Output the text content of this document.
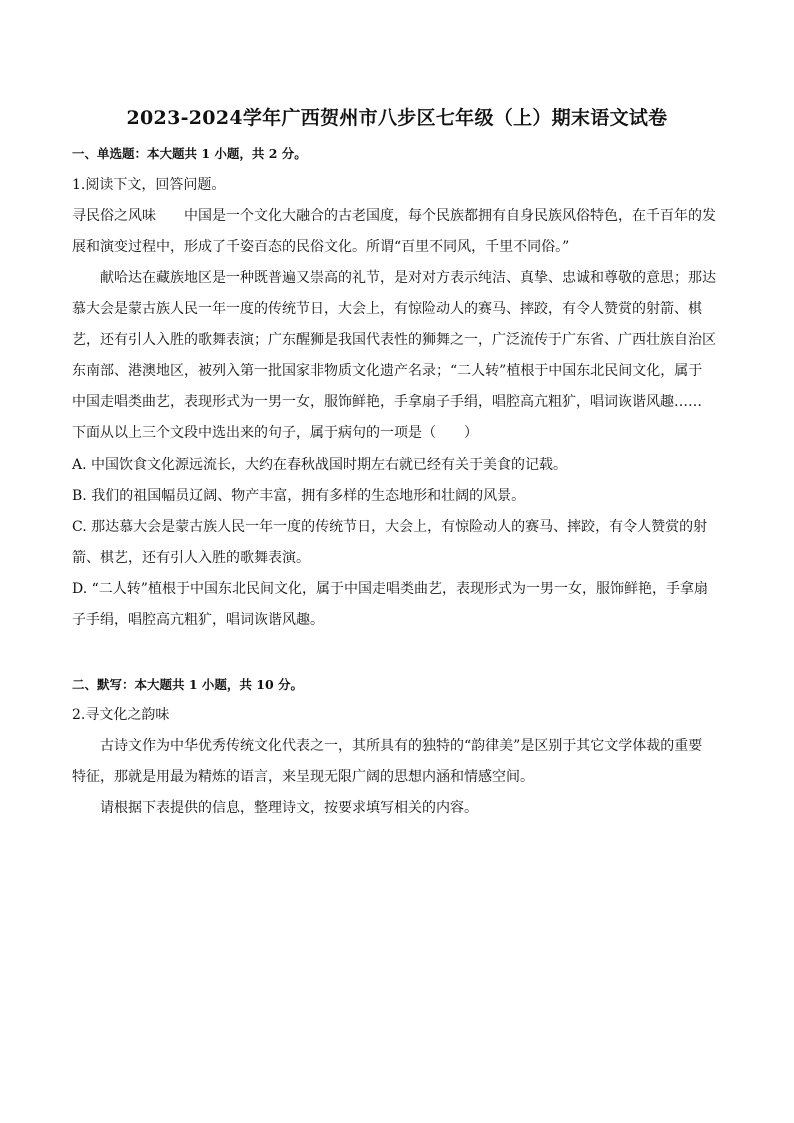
2023-2024学年广西贺州市八步区七年级（上）期末语文试卷
一、单选题：本大题共 1 小题，共 2 分。
1.阅读下文，回答问题。
寻民俗之风味　　中国是一个文化大融合的古老国度，每个民族都拥有自身民族风俗特色，在千百年的发
展和演变过程中，形成了千姿百态的民俗文化。所谓“百里不同风，千里不同俗。”
献哈达在藏族地区是一种既普遍又崇高的礼节，是对对方表示纯洁、真挚、忠诚和尊敬的意思；那达
慕大会是蒙古族人民一年一度的传统节日，大会上，有惊险动人的赛马、摔跤，有令人赞赏的射箭、棋
艺，还有引人入胜的歌舞表演；广东醒狮是我国代表性的狮舞之一，广泛流传于广东省、广西壮族自治区
东南部、港澳地区，被列入第一批国家非物质文化遗产名录；“二人转”植根于中国东北民间文化，属于
中国走唱类曲艺，表现形式为一男一女，服饰鲜艳，手拿扇子手绢，唱腔高亢粗犷，唱词诙谐风趣……
下面从以上三个文段中选出来的句子，属于病句的一项是（　　）
A. 中国饮食文化源远流长，大约在春秋战国时期左右就已经有关于美食的记载。
B. 我们的祖国幅员辽阔、物产丰富，拥有多样的生态地形和壮阔的风景。
C. 那达慕大会是蒙古族人民一年一度的传统节日，大会上，有惊险动人的赛马、摔跤，有令人赞赏的射
箭、棋艺，还有引人入胜的歌舞表演。
D. “二人转”植根于中国东北民间文化，属于中国走唱类曲艺，表现形式为一男一女，服饰鲜艳，手拿扇
子手绢，唱腔高亢粗犷，唱词诙谐风趣。
二、默写：本大题共 1 小题，共 10 分。
2.寻文化之韵味
古诗文作为中华优秀传统文化代表之一，其所具有的独特的“韵律美”是区别于其它文学体裁的重要
特征，那就是用最为精炼的语言，来呈现无限广阔的思想内涵和情感空间。
请根据下表提供的信息，整理诗文，按要求填写相关的内容。
